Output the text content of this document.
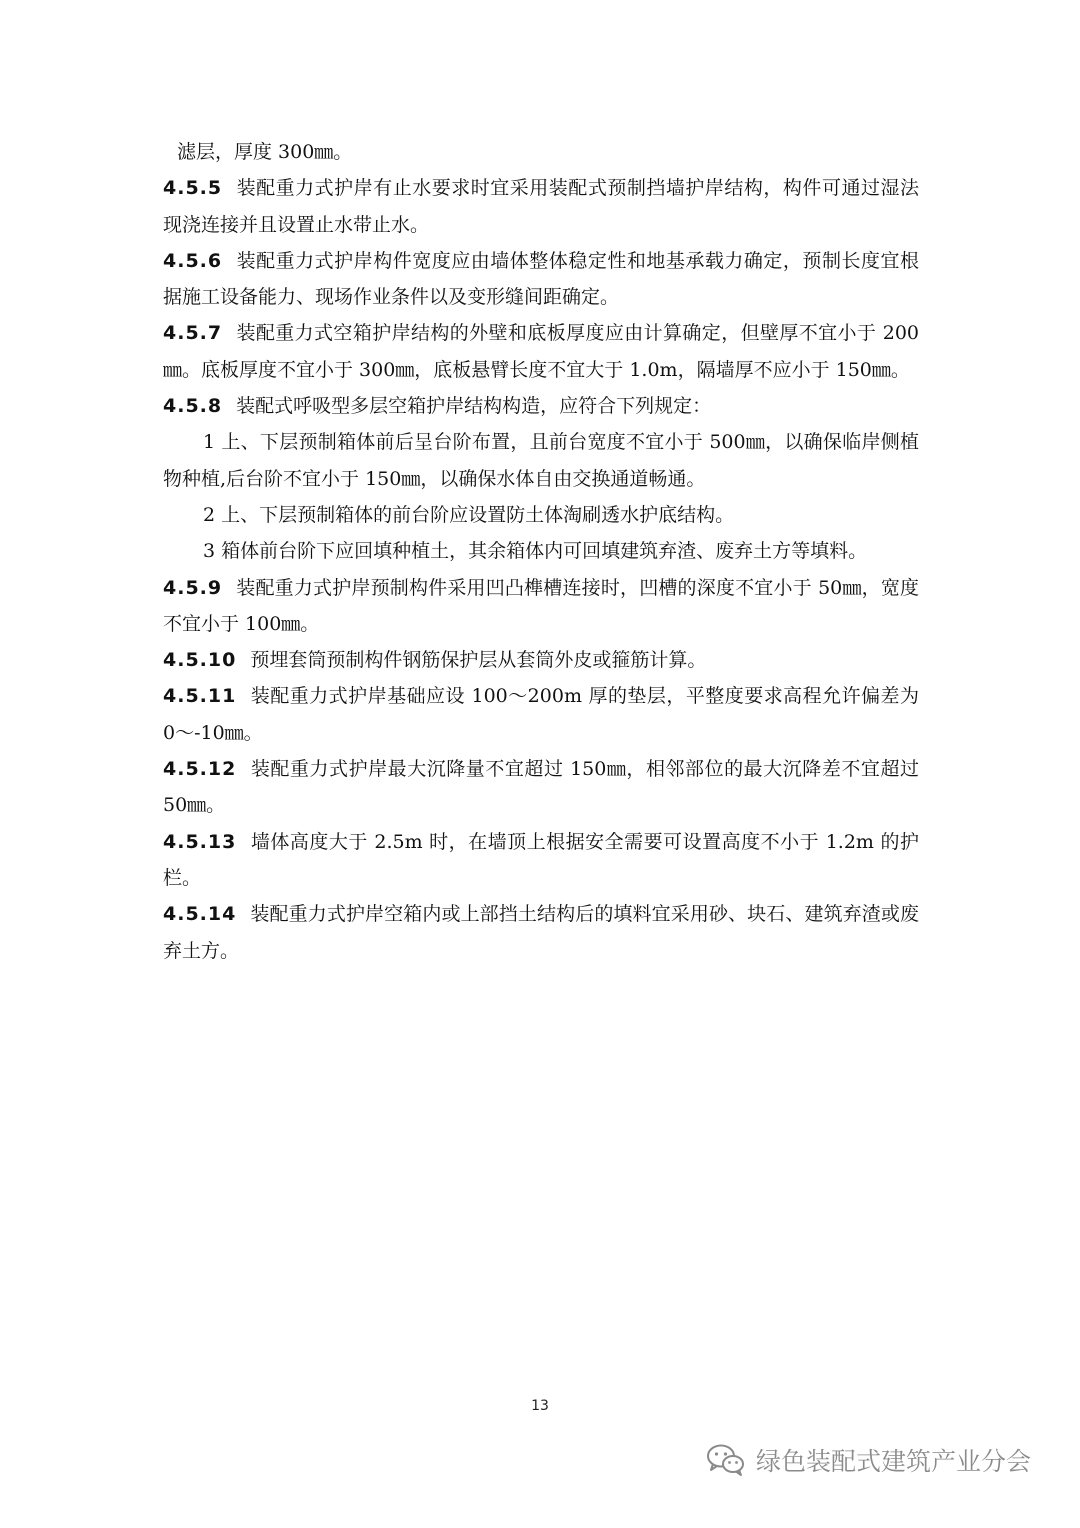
滤层，厚度 300㎜。

4.5.5 装配重力式护岸有止水要求时宜采用装配式预制挡墙护岸结构，构件可通过湿法现浇连接并且设置止水带止水。

4.5.6 装配重力式护岸构件宽度应由墙体整体稳定性和地基承载力确定，预制长度宜根据施工设备能力、现场作业条件以及变形缝间距确定。

4.5.7 装配重力式空箱护岸结构的外壁和底板厚度应由计算确定，但壁厚不宜小于 200㎜。底板厚度不宜小于 300㎜，底板悬臂长度不宜大于 1.0m，隔墙厚不应小于 150㎜。

4.5.8 装配式呼吸型多层空箱护岸结构构造，应符合下列规定：

1 上、下层预制箱体前后呈台阶布置，且前台宽度不宜小于 500㎜，以确保临岸侧植物种植,后台阶不宜小于 150㎜，以确保水体自由交换通道畅通。

2 上、下层预制箱体的前台阶应设置防土体淘刷透水护底结构。

3 箱体前台阶下应回填种植土，其余箱体内可回填建筑弃渣、废弃土方等填料。

4.5.9 装配重力式护岸预制构件采用凹凸榫槽连接时，凹槽的深度不宜小于 50㎜，宽度不宜小于 100㎜。

4.5.10 预埋套筒预制构件钢筋保护层从套筒外皮或箍筋计算。

4.5.11 装配重力式护岸基础应设 100～200m 厚的垫层，平整度要求高程允许偏差为 0～-10㎜。

4.5.12 装配重力式护岸最大沉降量不宜超过 150㎜，相邻部位的最大沉降差不宜超过 50㎜。

4.5.13 墙体高度大于 2.5m 时，在墙顶上根据安全需要可设置高度不小于 1.2m 的护栏。

4.5.14 装配重力式护岸空箱内或上部挡土结构后的填料宜采用砂、块石、建筑弃渣或废弃土方。

13
绿色装配式建筑产业分会
